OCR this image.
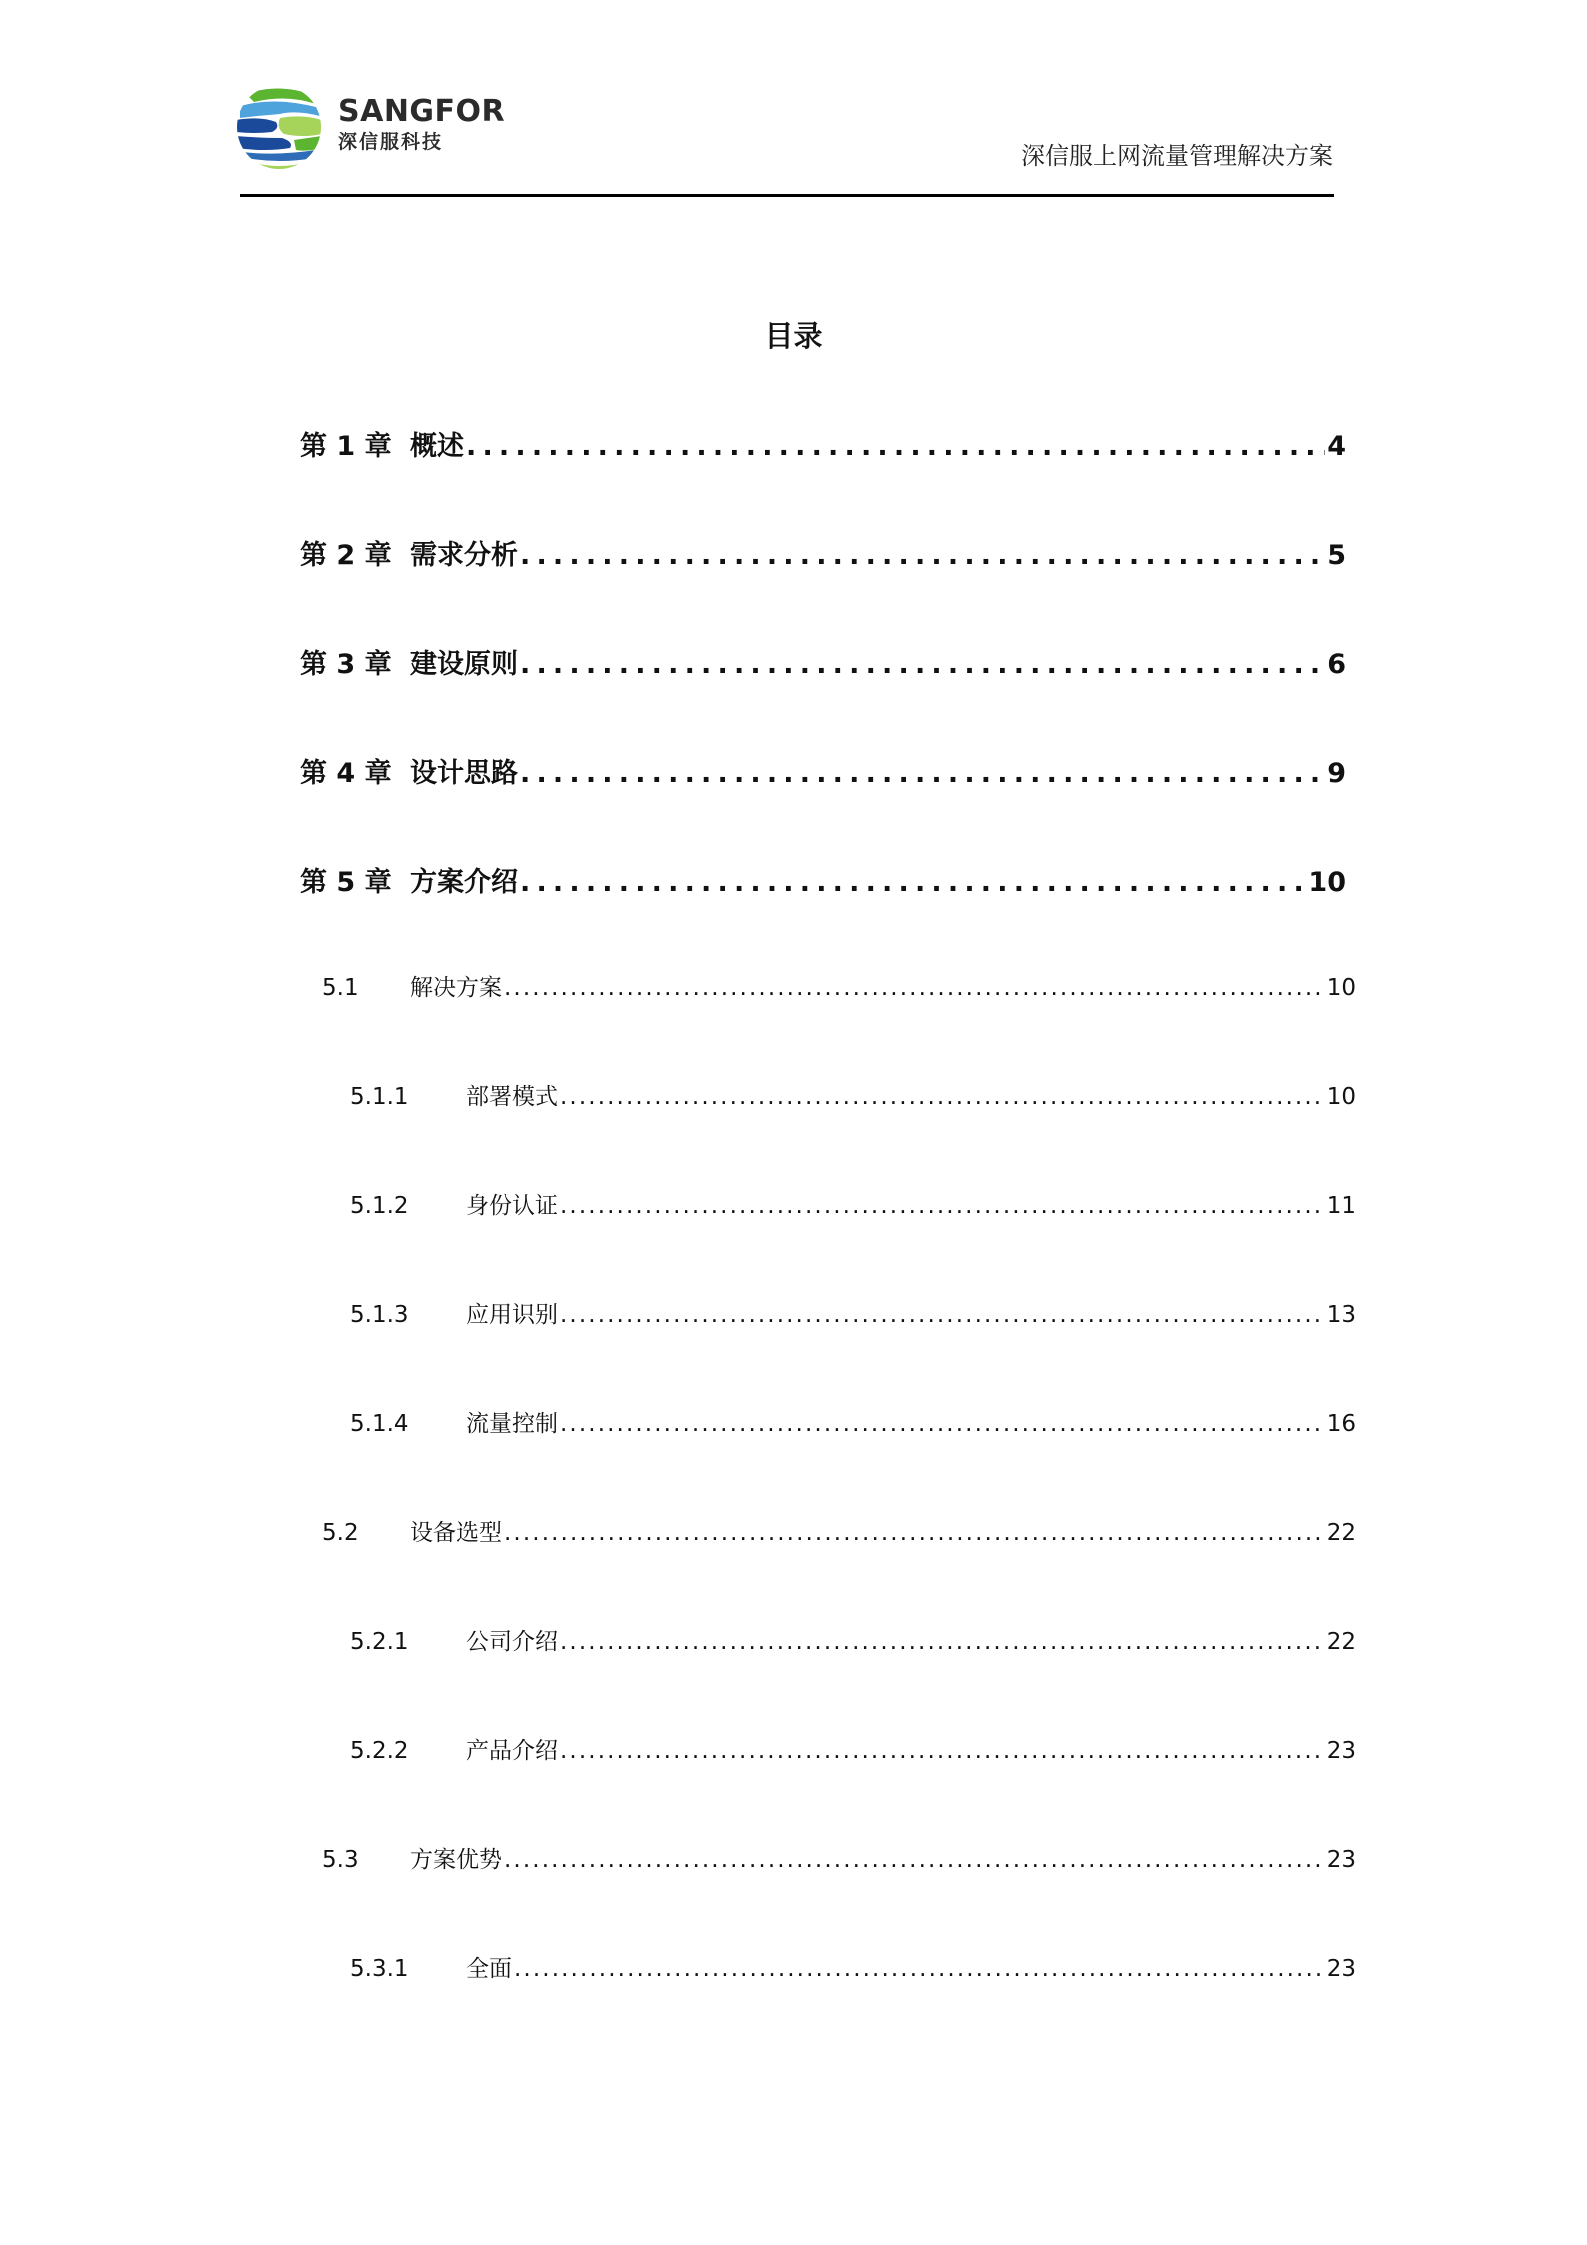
SANGFOR
深信服科技	深信服上网流量管理解决方案
目录
第 1 章 概述 . . .	4
第 2 章 需求分析 . . .	5
第 3 章 建设原则 . . .	6
第 4 章 设计思路 . . .	9
第 5 章 方案介绍 . . .	10
5.1	解决方案 . . .	10
5.1.1	部署模式 . . .	10
5.1.2	身份认证 . . .	11
5.1.3	应用识别 . . .	13
5.1.4	流量控制 . . .	16
5.2	设备选型 . . .	22
5.2.1	公司介绍 . . .	22
5.2.2	产品介绍 . . .	23
5.3	方案优势 . . .	23
5.3.1	全面 . . .	23
